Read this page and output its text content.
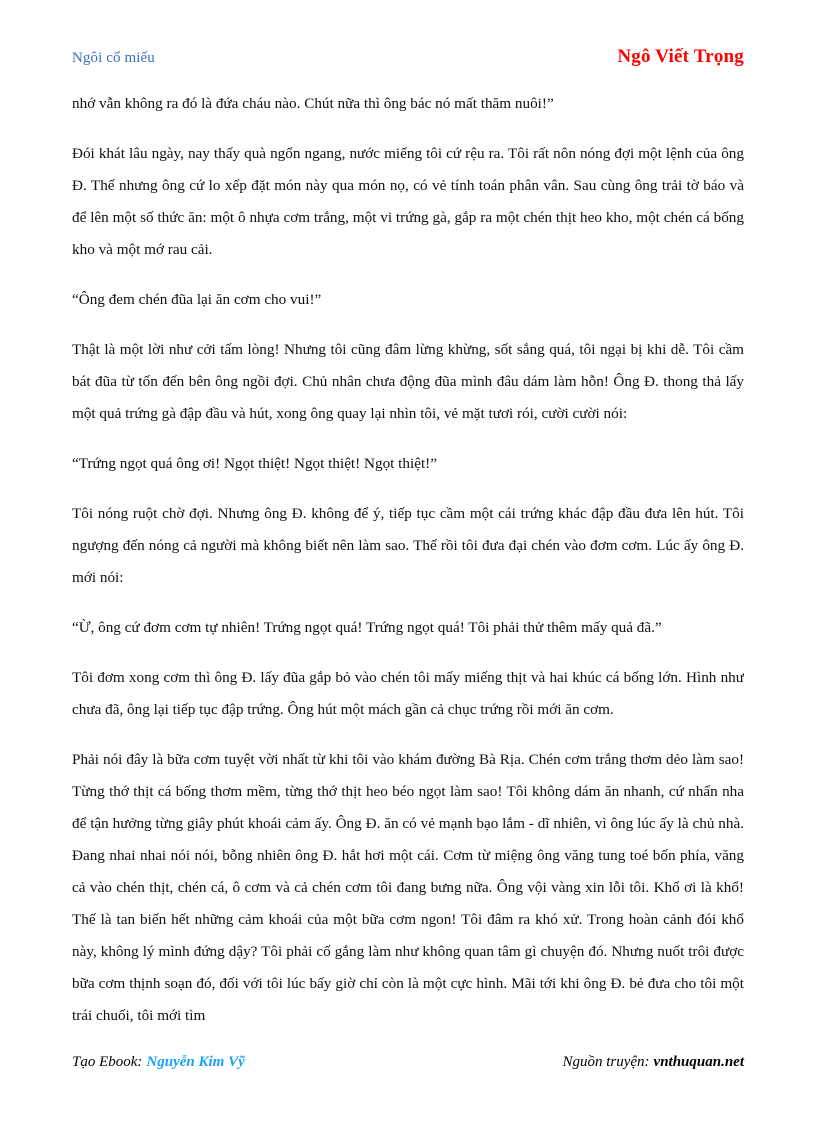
Ngôi cổ miếu	Ngô Viết Trọng

nhớ vẫn không ra đó là đứa cháu nào. Chút nữa thì ông bác nó mất thăm nuôi!”

Đói khát lâu ngày, nay thấy quà ngổn ngang, nước miếng tôi cứ rệu ra. Tôi rất nôn nóng đợi một lệnh của ông Đ. Thế nhưng ông cứ lo xếp đặt món này qua món nọ, có vẻ tính toán phân vân. Sau cùng ông trải tờ báo và để lên một số thức ăn: một ô nhựa cơm trắng, một vi trứng gà, gắp ra một chén thịt heo kho, một chén cá bống kho và một mớ rau cải.

“Ông đem chén đũa lại ăn cơm cho vui!”

Thật là một lời như cởi tấm lòng! Nhưng tôi cũng đâm lừng khừng, sốt sắng quá, tôi ngại bị khi dễ. Tôi cầm bát đũa từ tốn đến bên ông ngồi đợi. Chủ nhân chưa động đũa mình đâu dám làm hỗn! Ông Đ. thong thả lấy một quả trứng gà đập đầu và hút, xong ông quay lại nhìn tôi, vẻ mặt tươi rói, cười cười nói:

“Trứng ngọt quá ông ơi! Ngọt thiệt! Ngọt thiệt! Ngọt thiệt!”

Tôi nóng ruột chờ đợi. Nhưng ông Đ. không để ý, tiếp tục cầm một cái trứng khác đập đầu đưa lên hút. Tôi ngượng đến nóng cả người mà không biết nên làm sao. Thế rồi tôi đưa đại chén vào đơm cơm. Lúc ấy ông Đ. mới nói:

“Ừ, ông cứ đơm cơm tự nhiên! Trứng ngọt quá! Trứng ngọt quá! Tôi phải thử thêm mấy quả đã.”

Tôi đơm xong cơm thì ông Đ. lấy đũa gắp bỏ vào chén tôi mấy miếng thịt và hai khúc cá bống lớn. Hình như chưa đã, ông lại tiếp tục đập trứng. Ông hút một mách gần cả chục trứng rồi mới ăn cơm.

Phải nói đây là bữa cơm tuyệt vời nhất từ khi tôi vào khám đường Bà Rịa. Chén cơm trắng thơm dẻo làm sao! Từng thớ thịt cá bống thơm mềm, từng thớ thịt heo béo ngọt làm sao! Tôi không dám ăn nhanh, cứ nhẩn nha để tận hưởng từng giây phút khoái cảm ấy. Ông Đ. ăn có vẻ mạnh bạo lắm - dĩ nhiên, vì ông lúc ấy là chủ nhà. Đang nhai nhai nói nói, bỗng nhiên ông Đ. hắt hơi một cái. Cơm từ miệng ông văng tung toé bốn phía, văng cả vào chén thịt, chén cá, ô cơm và cả chén cơm tôi đang bưng nữa. Ông vội vàng xin lỗi tôi. Khổ ơi là khổ! Thế là tan biến hết những cảm khoái của một bữa cơm ngon! Tôi đâm ra khó xử. Trong hoàn cảnh đói khổ này, không lý mình đứng dậy? Tôi phải cố gắng làm như không quan tâm gì chuyện đó. Nhưng nuốt trôi được bữa cơm thịnh soạn đó, đối với tôi lúc bấy giờ chỉ còn là một cực hình. Mãi tới khi ông Đ. bẻ đưa cho tôi một trái chuối, tôi mới tìm

Tạo Ebook: Nguyễn Kim Vỹ	Nguồn truyện: vnthuquan.net
